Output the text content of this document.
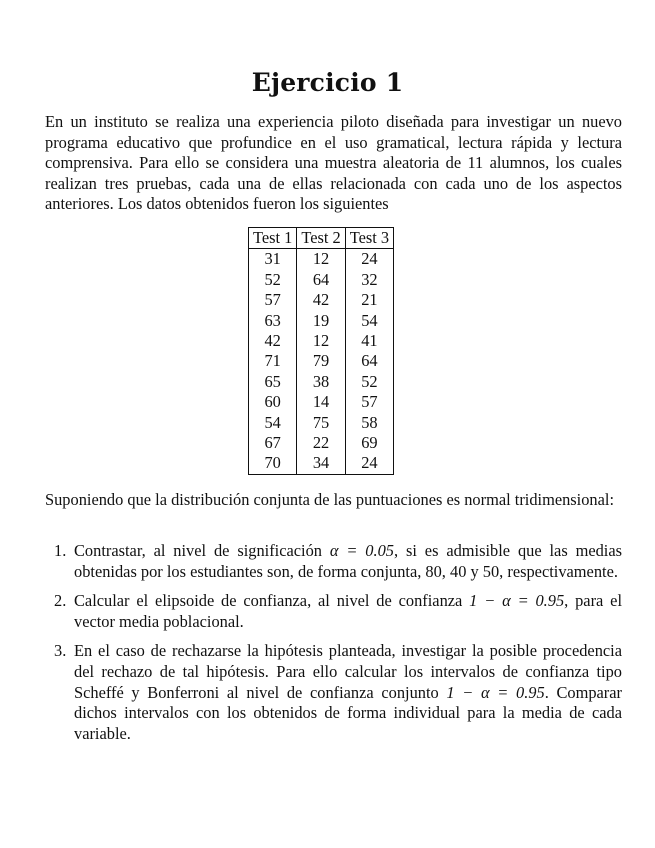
Ejercicio 1

En un instituto se realiza una experiencia piloto diseñada para investigar un nuevo programa educativo que profundice en el uso gramatical, lectura rápida y lectura comprensiva. Para ello se considera una muestra aleatoria de 11 alumnos, los cuales realizan tres pruebas, cada una de ellas relacionada con cada uno de los aspectos anteriores. Los datos obtenidos fueron los siguientes

Test 1	Test 2	Test 3
31	12	24
52	64	32
57	42	21
63	19	54
42	12	41
71	79	64
65	38	52
60	14	57
54	75	58
67	22	69
70	34	24

Suponiendo que la distribución conjunta de las puntuaciones es normal tridimensional:

1. Contrastar, al nivel de significación α = 0.05, si es admisible que las medias obtenidas por los estudiantes son, de forma conjunta, 80, 40 y 50, respectivamente.
2. Calcular el elipsoide de confianza, al nivel de confianza 1 − α = 0.95, para el vector media poblacional.
3. En el caso de rechazarse la hipótesis planteada, investigar la posible procedencia del rechazo de tal hipótesis. Para ello calcular los intervalos de confianza tipo Scheffé y Bonferroni al nivel de confianza conjunto 1 − α = 0.95. Comparar dichos intervalos con los obtenidos de forma individual para la media de cada variable.
